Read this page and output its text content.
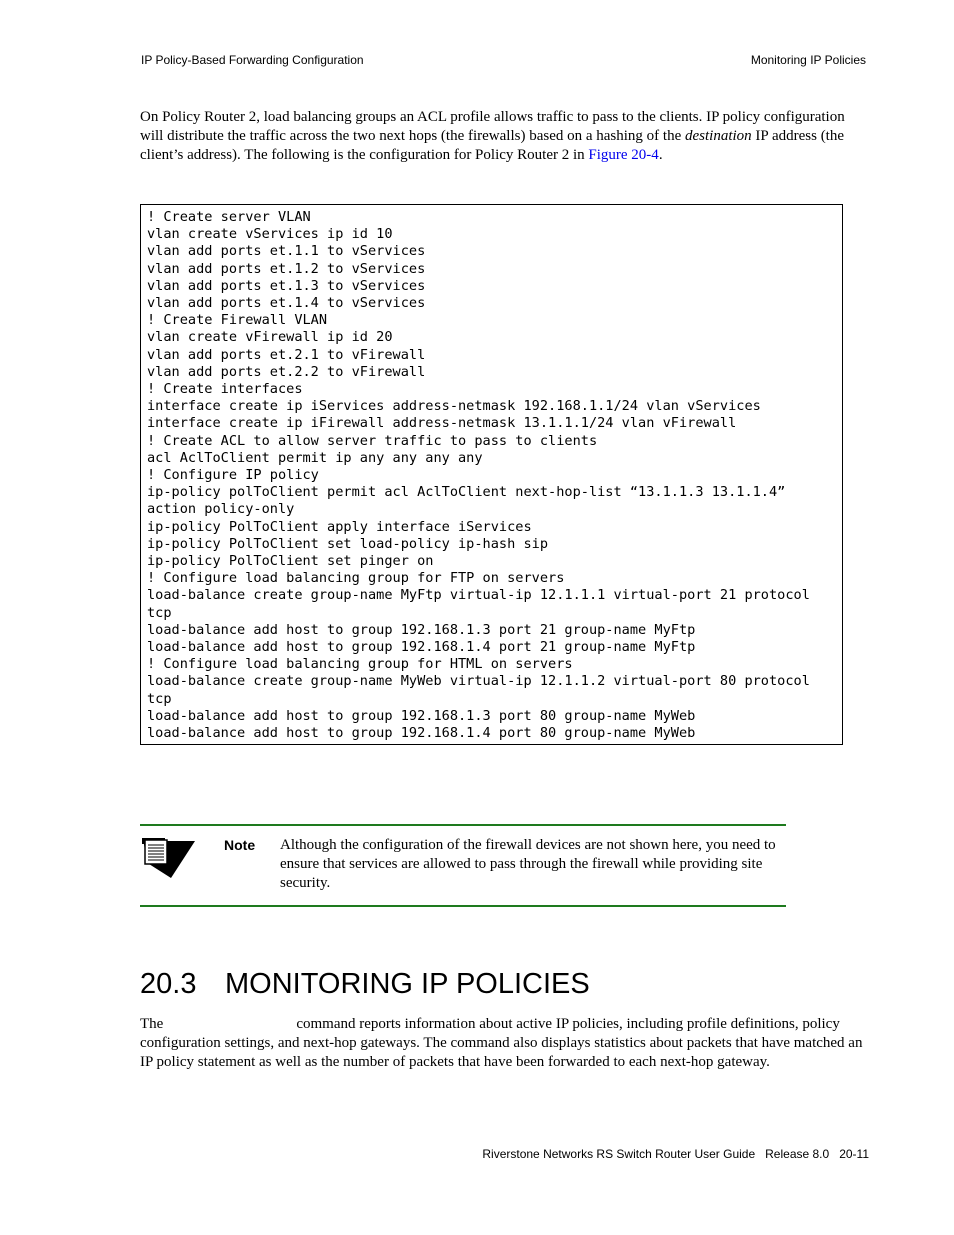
IP Policy-Based Forwarding Configuration	Monitoring IP Policies

On Policy Router 2, load balancing groups an ACL profile allows traffic to pass to the clients. IP policy configuration will distribute the traffic across the two next hops (the firewalls) based on a hashing of the destination IP address (the client’s address). The following is the configuration for Policy Router 2 in Figure 20-4.

! Create server VLAN
vlan create vServices ip id 10
vlan add ports et.1.1 to vServices
vlan add ports et.1.2 to vServices
vlan add ports et.1.3 to vServices
vlan add ports et.1.4 to vServices
! Create Firewall VLAN
vlan create vFirewall ip id 20
vlan add ports et.2.1 to vFirewall
vlan add ports et.2.2 to vFirewall
! Create interfaces
interface create ip iServices address-netmask 192.168.1.1/24 vlan vServices
interface create ip iFirewall address-netmask 13.1.1.1/24 vlan vFirewall
! Create ACL to allow server traffic to pass to clients
acl AclToClient permit ip any any any any
! Configure IP policy
ip-policy polToClient permit acl AclToClient next-hop-list “13.1.1.3 13.1.1.4”
action policy-only
ip-policy PolToClient apply interface iServices
ip-policy PolToClient set load-policy ip-hash sip
ip-policy PolToClient set pinger on
! Configure load balancing group for FTP on servers
load-balance create group-name MyFtp virtual-ip 12.1.1.1 virtual-port 21 protocol
tcp
load-balance add host to group 192.168.1.3 port 21 group-name MyFtp
load-balance add host to group 192.168.1.4 port 21 group-name MyFtp
! Configure load balancing group for HTML on servers
load-balance create group-name MyWeb virtual-ip 12.1.1.2 virtual-port 80 protocol
tcp
load-balance add host to group 192.168.1.3 port 80 group-name MyWeb
load-balance add host to group 192.168.1.4 port 80 group-name MyWeb
Note Although the configuration of the firewall devices are not shown here, you need to ensure that services are allowed to pass through the firewall while providing site security.
20.3 MONITORING IP POLICIES

The	command reports information about active IP policies, including profile definitions, policy configuration settings, and next-hop gateways. The command also displays statistics about packets that have matched an IP policy statement as well as the number of packets that have been forwarded to each next-hop gateway.

Riverstone Networks RS Switch Router User Guide Release 8.0 20-11
